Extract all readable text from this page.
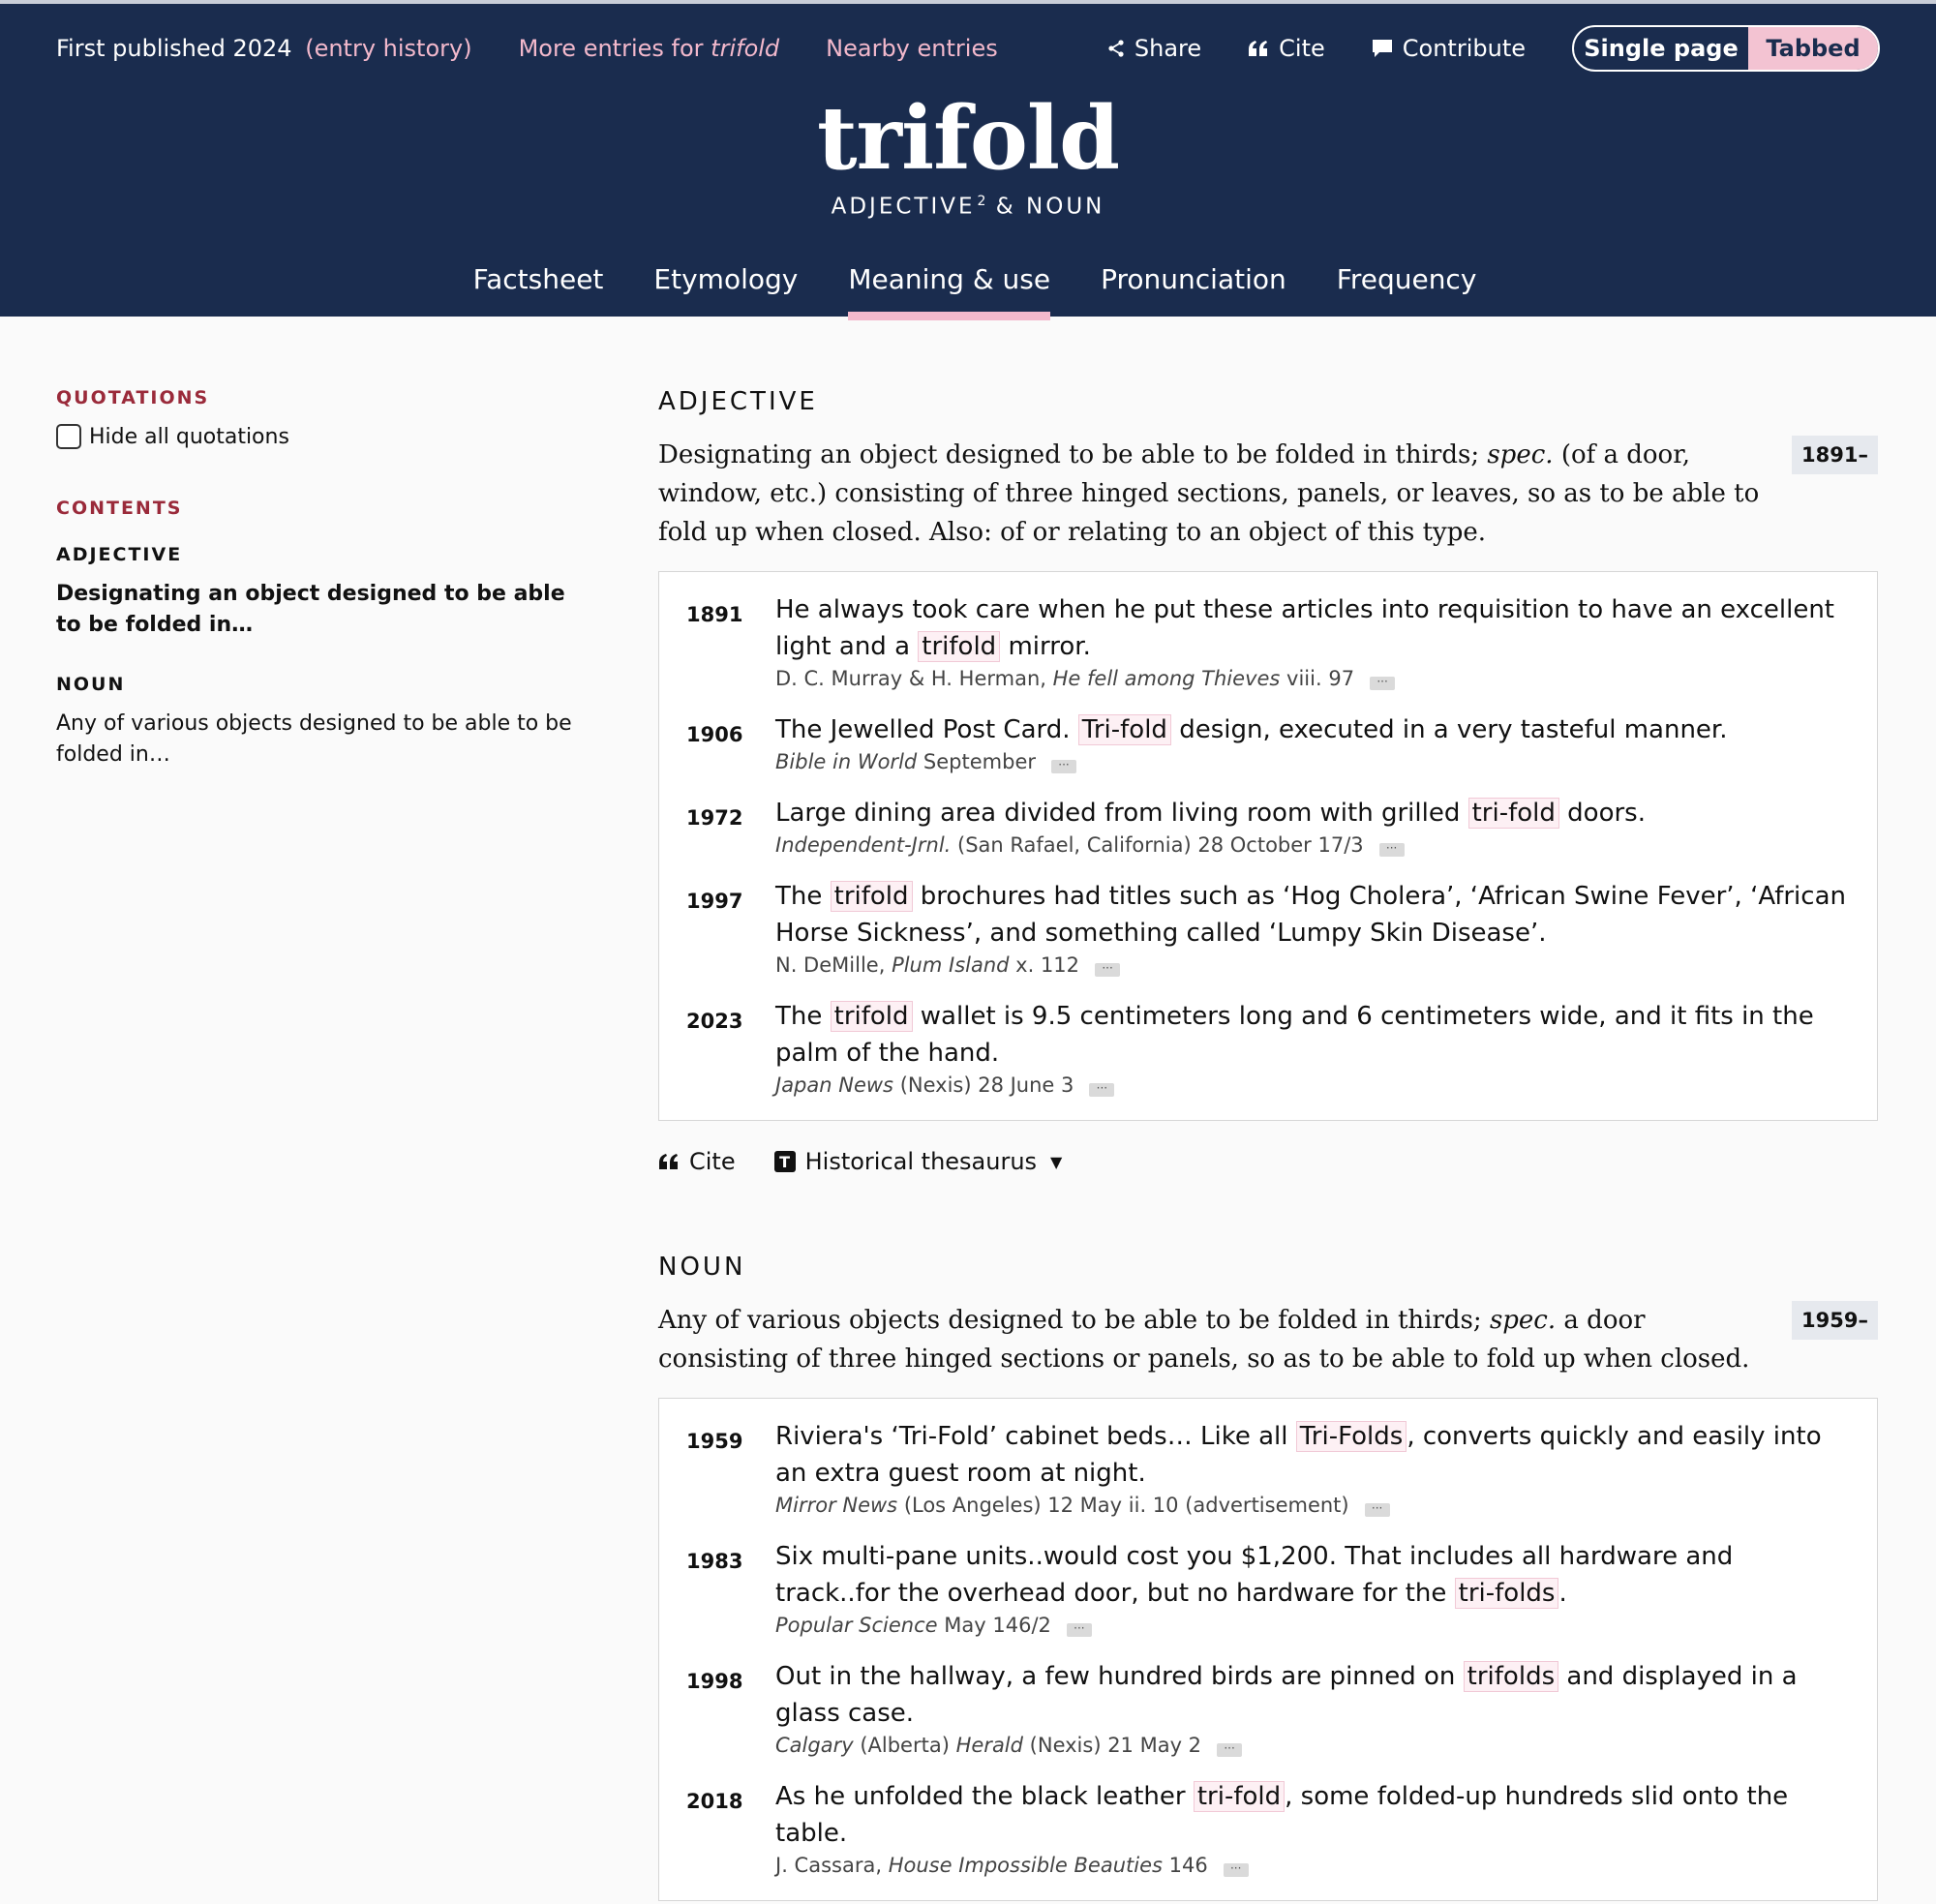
First published 2024 (entry history) More entries for trifold Nearby entries	Share	Cite	Contribute	Single page	Tabbed
trifold
ADJECTIVE $^2$ & NOUN
Factsheet Etymology Meaning & use Pronunciation Frequency
QUOTATIONS
Hide all quotations
CONTENTS
ADJECTIVE
Designating an object designed to be able to be folded in…
NOUN
Any of various objects designed to be able to be folded in…
ADJECTIVE
Designating an object designed to be able to be folded in thirds; spec. (of a door, window, etc.) consisting of three hinged sections, panels, or leaves, so as to be able to fold up when closed. Also: of or relating to an object of this type.
1891–
1891	He always took care when he put these articles into requisition to have an excellent light and a trifold mirror.
D. C. Murray & H. Herman, He fell among Thieves viii. 97 ···
1906	The Jewelled Post Card. Tri-fold design, executed in a very tasteful manner.
Bible in World September ···
1972	Large dining area divided from living room with grilled tri-fold doors.
Independent-Jrnl. (San Rafael, California) 28 October 17/3 ···
1997	The trifold brochures had titles such as ‘Hog Cholera’, ‘African Swine Fever’, ‘African Horse Sickness’, and something called ‘Lumpy Skin Disease’.
N. DeMille, Plum Island x. 112 ···
2023	The trifold wallet is 9.5 centimeters long and 6 centimeters wide, and it fits in the palm of the hand.
Japan News (Nexis) 28 June 3 ···
Cite	T Historical thesaurus ▼
NOUN
Any of various objects designed to be able to be folded in thirds; spec. a door consisting of three hinged sections or panels, so as to be able to fold up when closed.
1959–
1959	Riviera's ‘Tri-Fold’ cabinet beds… Like all Tri-Folds , converts quickly and easily into an extra guest room at night.
Mirror News (Los Angeles) 12 May ii. 10 (advertisement) ···
1983	Six multi-pane units..would cost you $1,200. That includes all hardware and track..for the overhead door, but no hardware for the tri-folds .
Popular Science May 146/2 ···
1998	Out in the hallway, a few hundred birds are pinned on trifolds and displayed in a glass case.
Calgary (Alberta) Herald (Nexis) 21 May 2 ···
2018	As he unfolded the black leather tri-fold , some folded-up hundreds slid onto the table.
J. Cassara, House Impossible Beauties 146 ···
